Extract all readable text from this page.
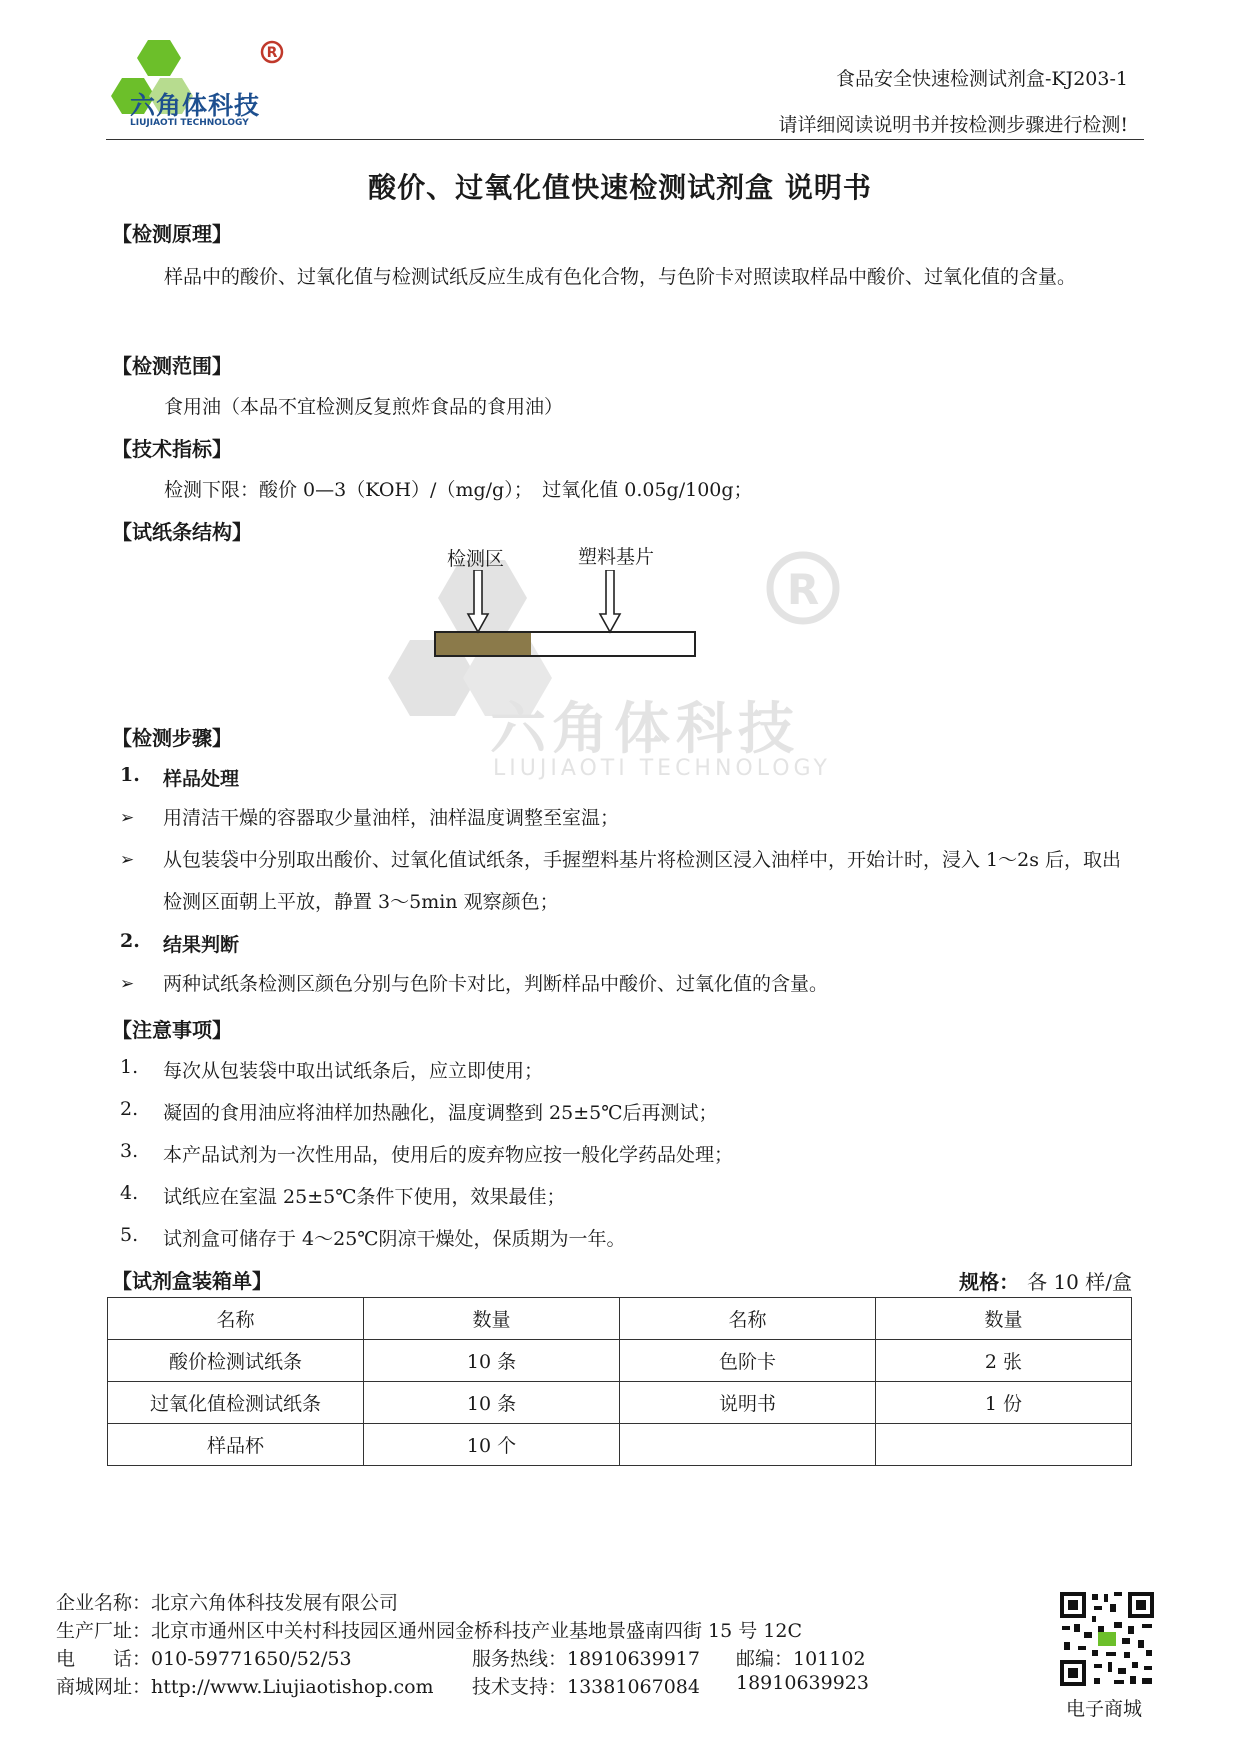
R
六角体科技
LIUJIAOTI TECHNOLOGY
食品安全快速检测试剂盒-KJ203-1
请详细阅读说明书并按检测步骤进行检测!
酸价、过氧化值快速检测试剂盒 说明书
R
六角体科技
LIUJIAOTI TECHNOLOGY
【检测原理】
样品中的酸价、过氧化值与检测试纸反应生成有色化合物，与色阶卡对照读取样品中酸价、过氧化值的含量。
【检测范围】
食用油（本品不宜检测反复煎炸食品的食用油）
【技术指标】
检测下限：酸价 0—3（KOH）/（mg/g）；　过氧化值 0.05g/100g；
【试纸条结构】
检测区	塑料基片
【检测步骤】
1. 样品处理
➢ 用清洁干燥的容器取少量油样，油样温度调整至室温；
➢ 从包装袋中分别取出酸价、过氧化值试纸条，手握塑料基片将检测区浸入油样中，开始计时，浸入 1～2s 后，取出检测区面朝上平放，静置 3～5min 观察颜色；
2. 结果判断
➢ 两种试纸条检测区颜色分别与色阶卡对比，判断样品中酸价、过氧化值的含量。
【注意事项】
1. 每次从包装袋中取出试纸条后，应立即使用；
2. 凝固的食用油应将油样加热融化，温度调整到 25±5℃后再测试；
3. 本产品试剂为一次性用品，使用后的废弃物应按一般化学药品处理；
4. 试纸应在室温 25±5℃条件下使用，效果最佳；
5. 试剂盒可储存于 4～25℃阴凉干燥处，保质期为一年。
【试剂盒装箱单】	规格： 各 10 样/盒
名称	数量	名称	数量
酸价检测试纸条	10 条	色阶卡	2 张
过氧化值检测试纸条	10 条	说明书	1 份
样品杯	10 个		
企业名称：北京六角体科技发展有限公司
生产厂址：北京市通州区中关村科技园区通州园金桥科技产业基地景盛南四街 15 号 12C
电　　话：010-59771650/52/53	服务热线：18910639917 邮编：101102
商城网址：http://www.Liujiaotishop.com 技术支持：13381067084 18910639923
电子商城
